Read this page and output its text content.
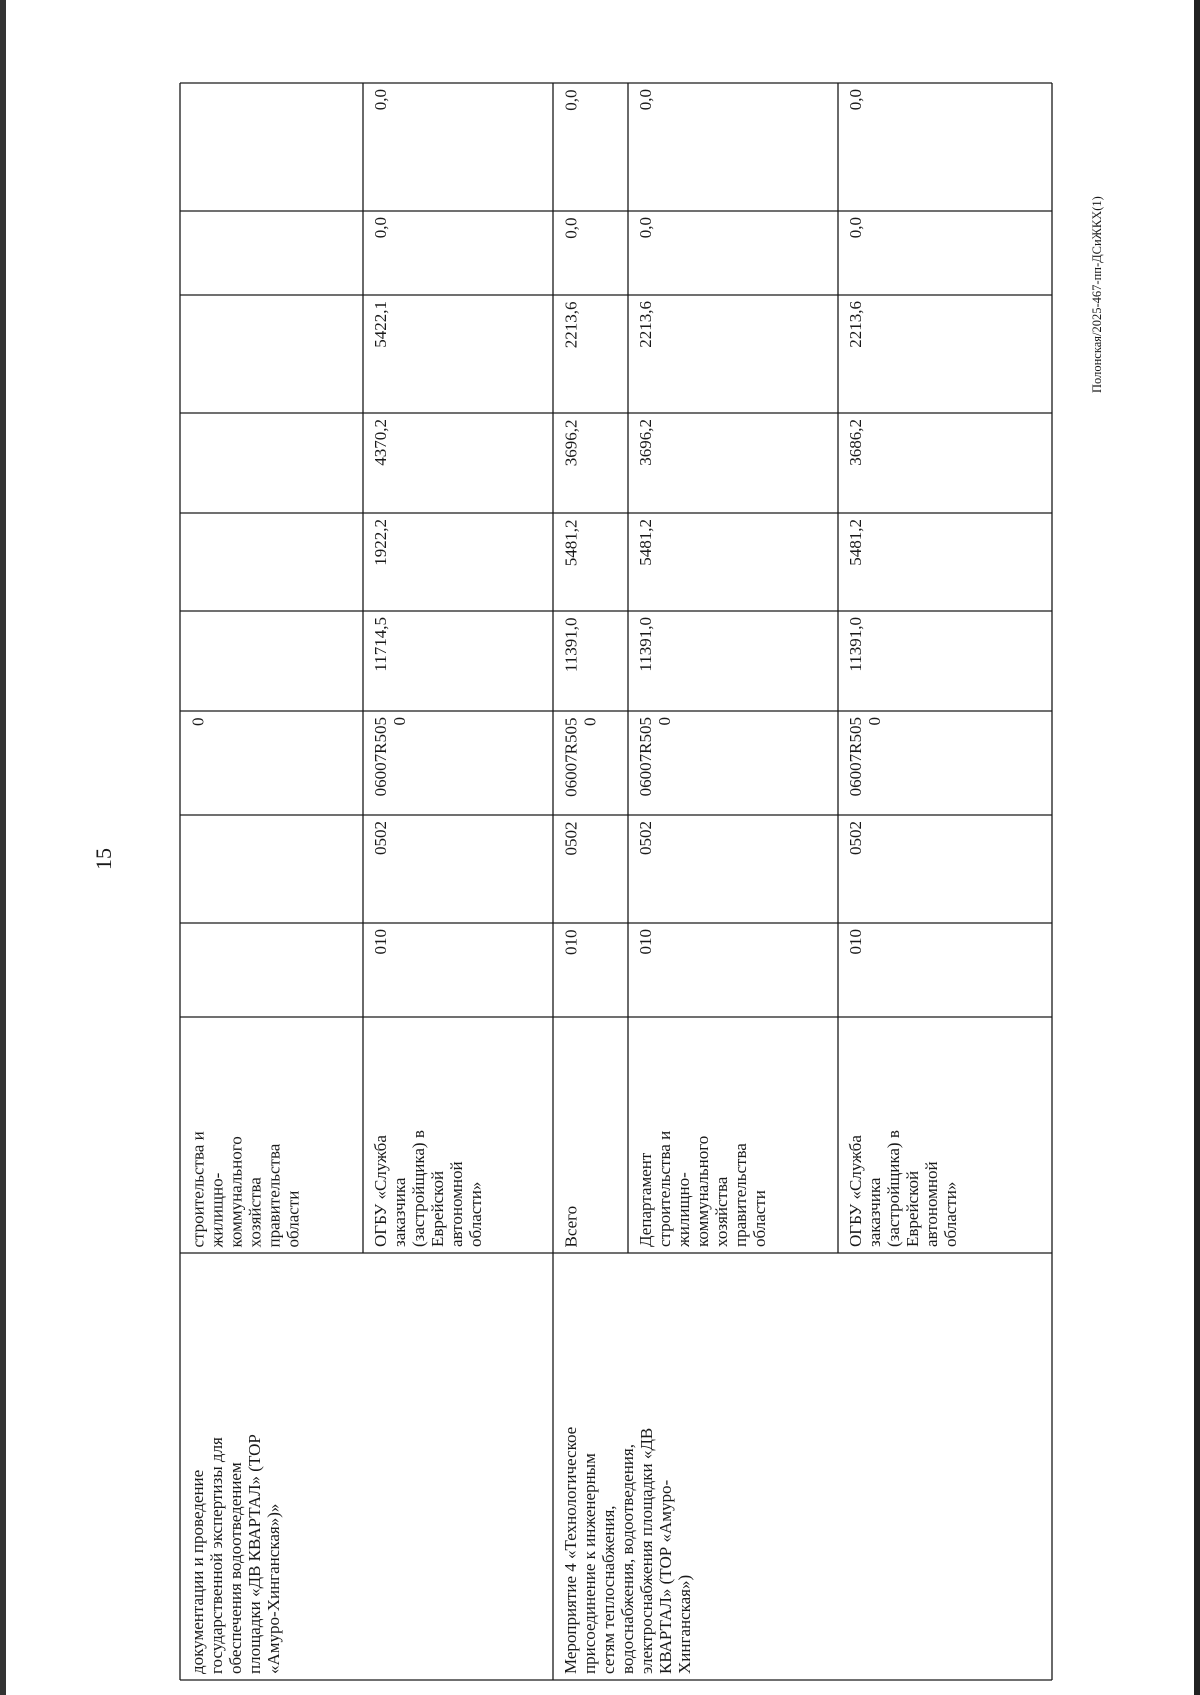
15
Полонская/2025-467-пп-ДСиЖКХ(1)
документации и проведение
государственной экспертизы для
обеспечения водоотведением
площадки «ДВ КВАРТАЛ» (ТОР
«Амуро-Хинганская»)»	Мероприятие 4 «Технологическое
присоединение к инженерным
сетям теплоснабжения,
водоснабжения, водоотведения,
электроснабжения площадки «ДВ
КВАРТАЛ» (ТОР «Амуро-
Хинганская»)
строительства и
жилищно-
коммунального
хозяйства
правительства
области
0
ОГБУ «Служба
заказчика
(застройщика) в
Еврейской
автономной
области»
010
0502
06007R505
0
11714,5
1922,2
4370,2
5422,1
0,0
0,0
Всего
010
0502
06007R505
0
11391,0
5481,2
3696,2
2213,6
0,0
0,0
Департамент
строительства и
жилищно-
коммунального
хозяйства
правительства
области
010
0502
06007R505
0
11391,0
5481,2
3696,2
2213,6
0,0
0,0
ОГБУ «Служба
заказчика
(застройщика) в
Еврейской
автономной
области»
010
0502
06007R505
0
11391,0
5481,2
3686,2
2213,6
0,0
0,0
